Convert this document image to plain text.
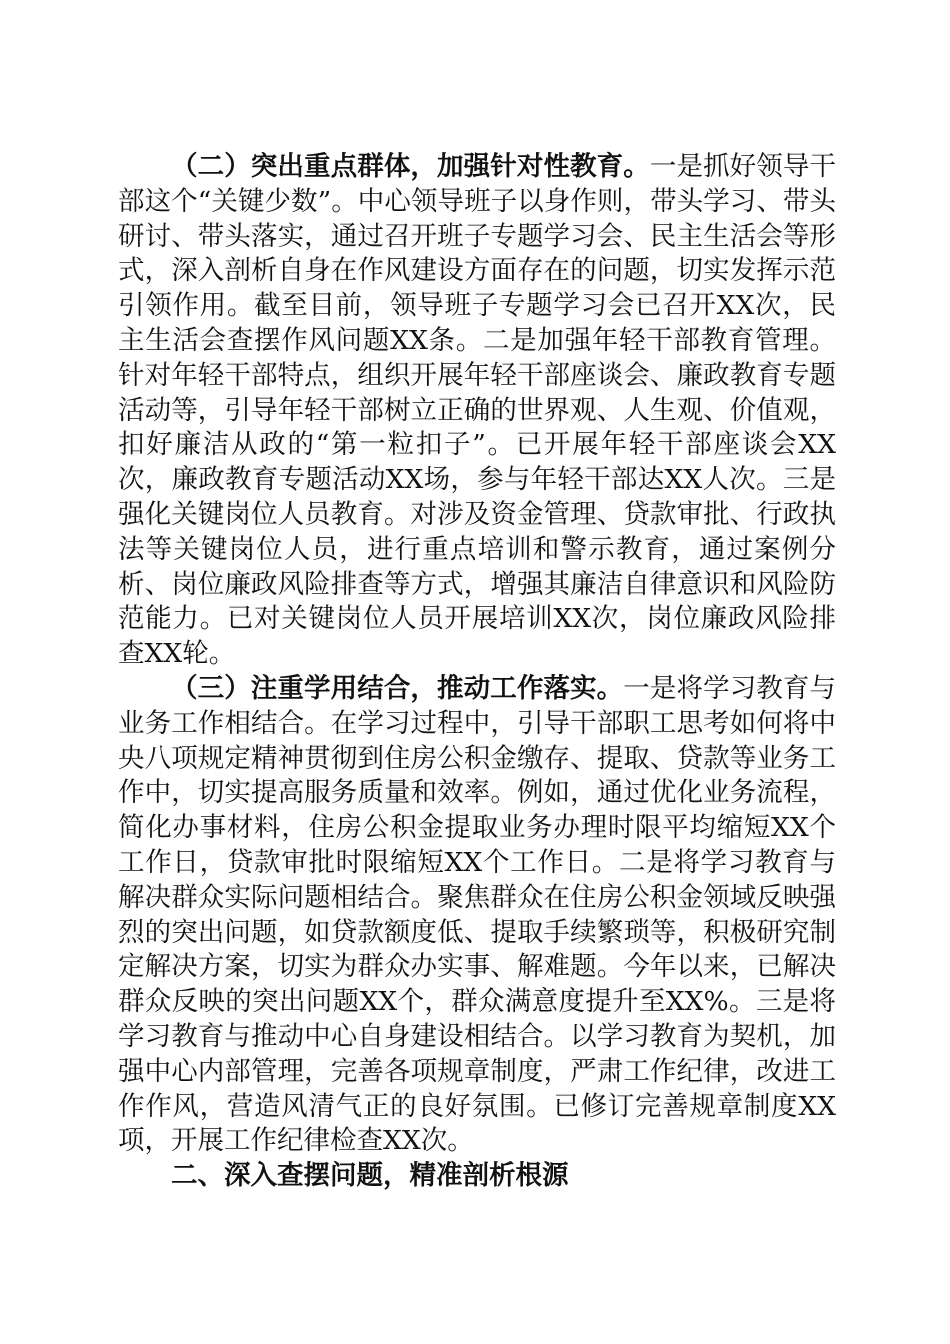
（二）突出重点群体，加强针对性教育。一是抓好领导干部这个“关键少数”。中心领导班子以身作则，带头学习、带头研讨、带头落实，通过召开班子专题学习会、民主生活会等形式，深入剖析自身在作风建设方面存在的问题，切实发挥示范引领作用。截至目前，领导班子专题学习会已召开XX次，民主生活会查摆作风问题XX条。二是加强年轻干部教育管理。针对年轻干部特点，组织开展年轻干部座谈会、廉政教育专题活动等，引导年轻干部树立正确的世界观、人生观、价值观，扣好廉洁从政的“第一粒扣子”。已开展年轻干部座谈会XX次，廉政教育专题活动XX场，参与年轻干部达XX人次。三是强化关键岗位人员教育。对涉及资金管理、贷款审批、行政执法等关键岗位人员，进行重点培训和警示教育，通过案例分析、岗位廉政风险排查等方式，增强其廉洁自律意识和风险防范能力。已对关键岗位人员开展培训XX次，岗位廉政风险排查XX轮。

（三）注重学用结合，推动工作落实。一是将学习教育与业务工作相结合。在学习过程中，引导干部职工思考如何将中央八项规定精神贯彻到住房公积金缴存、提取、贷款等业务工作中，切实提高服务质量和效率。例如，通过优化业务流程，简化办事材料，住房公积金提取业务办理时限平均缩短XX个工作日，贷款审批时限缩短XX个工作日。二是将学习教育与解决群众实际问题相结合。聚焦群众在住房公积金领域反映强烈的突出问题，如贷款额度低、提取手续繁琐等，积极研究制定解决方案，切实为群众办实事、解难题。今年以来，已解决群众反映的突出问题XX个，群众满意度提升至XX%。三是将学习教育与推动中心自身建设相结合。以学习教育为契机，加强中心内部管理，完善各项规章制度，严肃工作纪律，改进工作作风，营造风清气正的良好氛围。已修订完善规章制度XX项，开展工作纪律检查XX次。

二、深入查摆问题，精准剖析根源
